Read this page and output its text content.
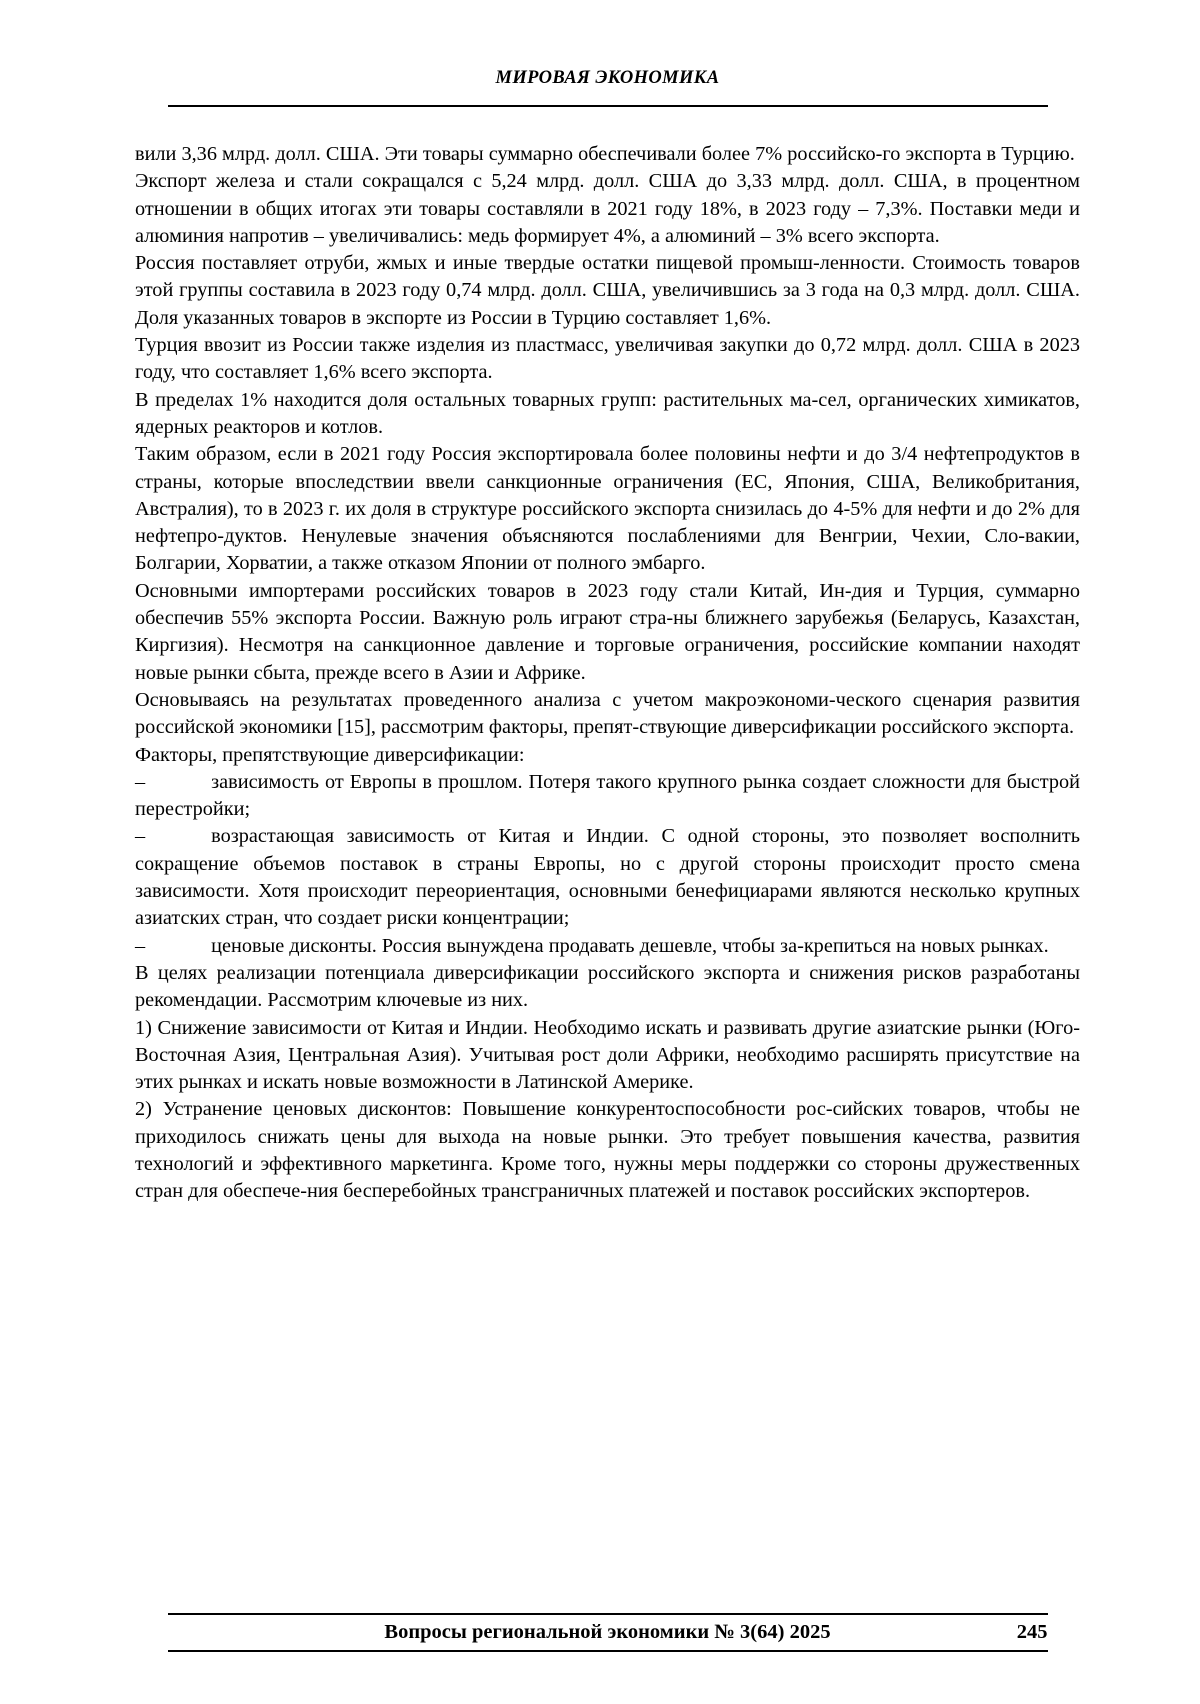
МИРОВАЯ ЭКОНОМИКА

вили 3,36 млрд. долл. США. Эти товары суммарно обеспечивали более 7% российско-го экспорта в Турцию.

Экспорт железа и стали сокращался с 5,24 млрд. долл. США до 3,33 млрд. долл. США, в процентном отношении в общих итогах эти товары составляли в 2021 году 18%, в 2023 году – 7,3%. Поставки меди и алюминия напротив – увеличивались: медь формирует 4%, а алюминий – 3% всего экспорта.

Россия поставляет отруби, жмых и иные твердые остатки пищевой промыш-ленности. Стоимость товаров этой группы составила в 2023 году 0,74 млрд. долл. США, увеличившись за 3 года на 0,3 млрд. долл. США. Доля указанных товаров в экспорте из России в Турцию составляет 1,6%.

Турция ввозит из России также изделия из пластмасс, увеличивая закупки до 0,72 млрд. долл. США в 2023 году, что составляет 1,6% всего экспорта.

В пределах 1% находится доля остальных товарных групп: растительных ма-сел, органических химикатов, ядерных реакторов и котлов.

Таким образом, если в 2021 году Россия экспортировала более половины нефти и до 3/4 нефтепродуктов в страны, которые впоследствии ввели санкционные ограничения (ЕС, Япония, США, Великобритания, Австралия), то в 2023 г. их доля в структуре российского экспорта снизилась до 4-5% для нефти и до 2% для нефтепро-дуктов. Ненулевые значения объясняются послаблениями для Венгрии, Чехии, Сло-вакии, Болгарии, Хорватии, а также отказом Японии от полного эмбарго.

Основными импортерами российских товаров в 2023 году стали Китай, Ин-дия и Турция, суммарно обеспечив 55% экспорта России. Важную роль играют стра-ны ближнего зарубежья (Беларусь, Казахстан, Киргизия). Несмотря на санкционное давление и торговые ограничения, российские компании находят новые рынки сбыта, прежде всего в Азии и Африке.

Основываясь на результатах проведенного анализа с учетом макроэкономи-ческого сценария развития российской экономики [15], рассмотрим факторы, препят-ствующие диверсификации российского экспорта.

Факторы, препятствующие диверсификации:

–	зависимость от Европы в прошлом. Потеря такого крупного рынка создает сложности для быстрой перестройки;

–	возрастающая зависимость от Китая и Индии. С одной стороны, это позволяет восполнить сокращение объемов поставок в страны Европы, но с другой стороны происходит просто смена зависимости. Хотя происходит переориентация, основными бенефициарами являются несколько крупных азиатских стран, что создает риски концентрации;

–	ценовые дисконты. Россия вынуждена продавать дешевле, чтобы за-крепиться на новых рынках.

В целях реализации потенциала диверсификации российского экспорта и снижения рисков разработаны рекомендации. Рассмотрим ключевые из них.

1) Снижение зависимости от Китая и Индии. Необходимо искать и развивать другие азиатские рынки (Юго-Восточная Азия, Центральная Азия). Учитывая рост доли Африки, необходимо расширять присутствие на этих рынках и искать новые возможности в Латинской Америке.

2) Устранение ценовых дисконтов: Повышение конкурентоспособности рос-сийских товаров, чтобы не приходилось снижать цены для выхода на новые рынки. Это требует повышения качества, развития технологий и эффективного маркетинга. Кроме того, нужны меры поддержки со стороны дружественных стран для обеспече-ния бесперебойных трансграничных платежей и поставок российских экспортеров.

Вопросы региональной экономики № 3(64) 2025	245
